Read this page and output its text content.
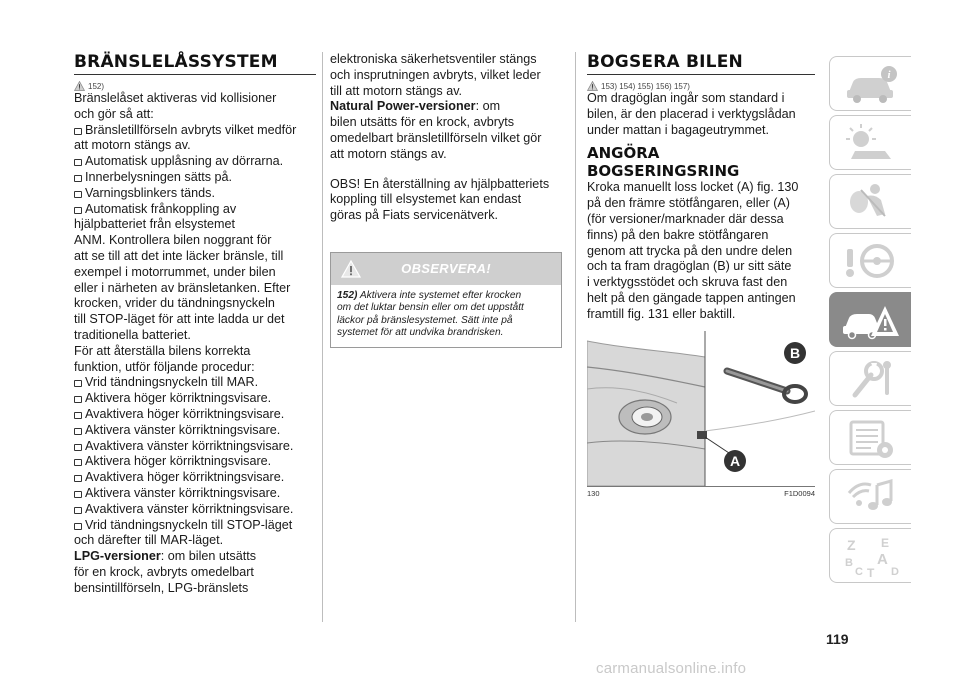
BRÄNSLELÅSSYSTEM
152)

Bränslelåset aktiveras vid kollisioner

och gör så att:

Bränsletillförseln avbryts vilket medför

att motorn stängs av.

Automatisk upplåsning av dörrarna.

Innerbelysningen sätts på.

Varningsblinkers tänds.

Automatisk frånkoppling av

hjälpbatteriet från elsystemet

ANM. Kontrollera bilen noggrant för

att se till att det inte läcker bränsle, till

exempel i motorrummet, under bilen

eller i närheten av bränsletanken. Efter

krocken, vrider du tändningsnyckeln

till STOP-läget för att inte ladda ur det

traditionella batteriet.

För att återställa bilens korrekta

funktion, utför följande procedur:

Vrid tändningsnyckeln till MAR.

Aktivera höger körriktningsvisare.

Avaktivera höger körriktningsvisare.

Aktivera vänster körriktningsvisare.

Avaktivera vänster körriktningsvisare.

Aktivera höger körriktningsvisare.

Avaktivera höger körriktningsvisare.

Aktivera vänster körriktningsvisare.

Avaktivera vänster körriktningsvisare.

Vrid tändningsnyckeln till STOP-läget

och därefter till MAR-läget.

LPG-versioner: om bilen utsätts

för en krock, avbryts omedelbart

bensintillförseln, LPG-bränslets

elektroniska säkerhetsventiler stängs

och insprutningen avbryts, vilket leder

till att motorn stängs av.

Natural Power-versioner: om

bilen utsätts för en krock, avbryts

omedelbart bränsletillförseln vilket gör

att motorn stängs av.

OBS! En återställning av hjälpbatteriets

koppling till elsystemet kan endast

göras på Fiats servicenätverk.

OBSERVERA!
152) Aktivera inte systemet efter krocken
om det luktar bensin eller om det uppstått
läckor på bränslesystemet. Sätt inte på
systemet för att undvika brandrisken.
BOGSERA BILEN
153) 154) 155) 156) 157)

Om dragöglan ingår som standard i

bilen, är den placerad i verktygslådan

under mattan i bagageutrymmet.

ANGÖRA
BOGSERINGSRING

Kroka manuellt loss locket (A) fig. 130

på den främre stötfångaren, eller (A)

(för versioner/marknader där dessa

finns) på den bakre stötfångaren

genom att trycka på den undre delen

och ta fram dragöglan (B) ur sitt säte

i verktygsstödet och skruva fast den

helt på den gängade tappen antingen

framtill fig. 131 eller baktill.

B
A
130	F1D0094
i
Z E
B A
C T D
119
carmanualsonline.info
